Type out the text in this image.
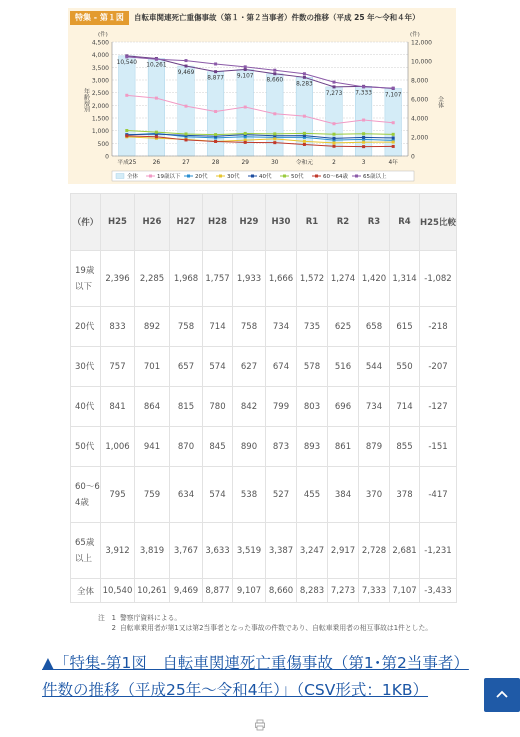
特集 - 第１図	自転車関連死亡重傷事故（第１・第２当事者）件数の推移（平成 25 年～令和４年）
0
500
1,000
1,500
2,000
2,500
3,000
3,500
4,000
4,500
0
2,000
4,000
6,000
8,000
10,000
12,000
(件)	(件)
年齢層別	全体
10,540
平成25
10,261
26
9,469
27
8,877
28
9,107
29
8,660
30
8,283
令和元
7,273
2
7,333
3
7,107
4年
全体	19歳以下	20代	30代	40代	50代	60～64歳	65歳以上
（件）	H25	H26	H27	H28	H29	H30	R1	R2	R3	R4	H25比較
19歳以下	2,396	2,285	1,968	1,757	1,933	1,666	1,572	1,274	1,420	1,314	-1,082
20代	833	892	758	714	758	734	735	625	658	615	-218
30代	757	701	657	574	627	674	578	516	544	550	-207
40代	841	864	815	780	842	799	803	696	734	714	-127
50代	1,006	941	870	845	890	873	893	861	879	855	-151
60～64歳	795	759	634	574	538	527	455	384	370	378	-417
65歳以上	3,912	3,819	3,767	3,633	3,519	3,387	3,247	2,917	2,728	2,681	-1,231
全体	10,540	10,261	9,469	8,877	9,107	8,660	8,283	7,273	7,333	7,107	-3,433
注　 1 警察庁資料による。
　　2 自転車乗用者が第1又は第2当事者となった事故の件数であり、自転車乗用者の相互事故は1件とした。
▲「特集-第1図　自転車関連死亡重傷事故（第1･第2当事者）件数の推移（平成25年～令和4年）」（CSV形式：1KB）
